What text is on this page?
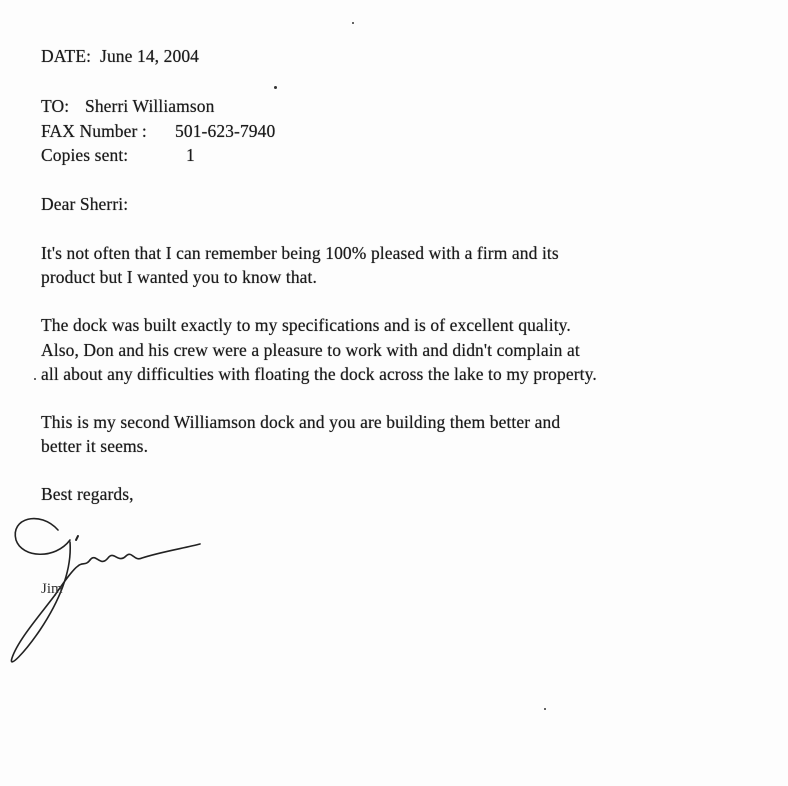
DATE: June 14, 2004
TO: Sherri Williamson
FAX Number : 501-623-7940
Copies sent:	1
Dear Sherri:
It's not often that I can remember being 100% pleased with a firm and its
product but I wanted you to know that.
The dock was built exactly to my specifications and is of excellent quality.
Also, Don and his crew were a pleasure to work with and didn't complain at
all about any difficulties with floating the dock across the lake to my property.
This is my second Williamson dock and you are building them better and
better it seems.
Best regards,
Jim
